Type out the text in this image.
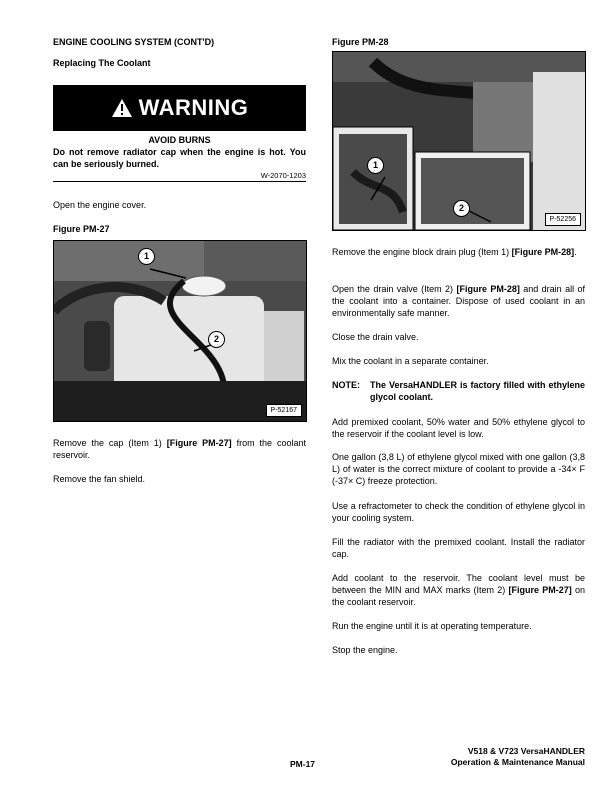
ENGINE COOLING SYSTEM (CONT'D)
Replacing The Coolant
WARNING
AVOID BURNS
Do not remove radiator cap when the engine is hot. You can be seriously burned.
W-2070-1203
Open the engine cover.
Figure PM-27
1
2
P-52167
Remove the cap (Item 1) [Figure PM-27] from the coolant reservoir.
Remove the fan shield.
Figure PM-28
1
2
P-52256
Remove the engine block drain plug (Item 1) [Figure PM-28].
Open the drain valve (Item 2) [Figure PM-28] and drain all of the coolant into a container. Dispose of used coolant in an environmentally safe manner.
Close the drain valve.
Mix the coolant in a separate container.
NOTE:	The VersaHANDLER is factory filled with ethylene glycol coolant.
Add premixed coolant, 50% water and 50% ethylene glycol to the reservoir if the coolant level is low.
One gallon (3,8 L) of ethylene glycol mixed with one gallon (3,8 L) of water is the correct mixture of coolant to provide a -34× F (-37× C) freeze protection.
Use a refractometer to check the condition of ethylene glycol in your cooling system.
Fill the radiator with the premixed coolant. Install the radiator cap.
Add coolant to the reservoir. The coolant level must be between the MIN and MAX marks (Item 2) [Figure PM-27] on the coolant reservoir.
Run the engine until it is at operating temperature.
Stop the engine.
PM-17
V518 & V723 VersaHANDLER
Operation & Maintenance Manual
